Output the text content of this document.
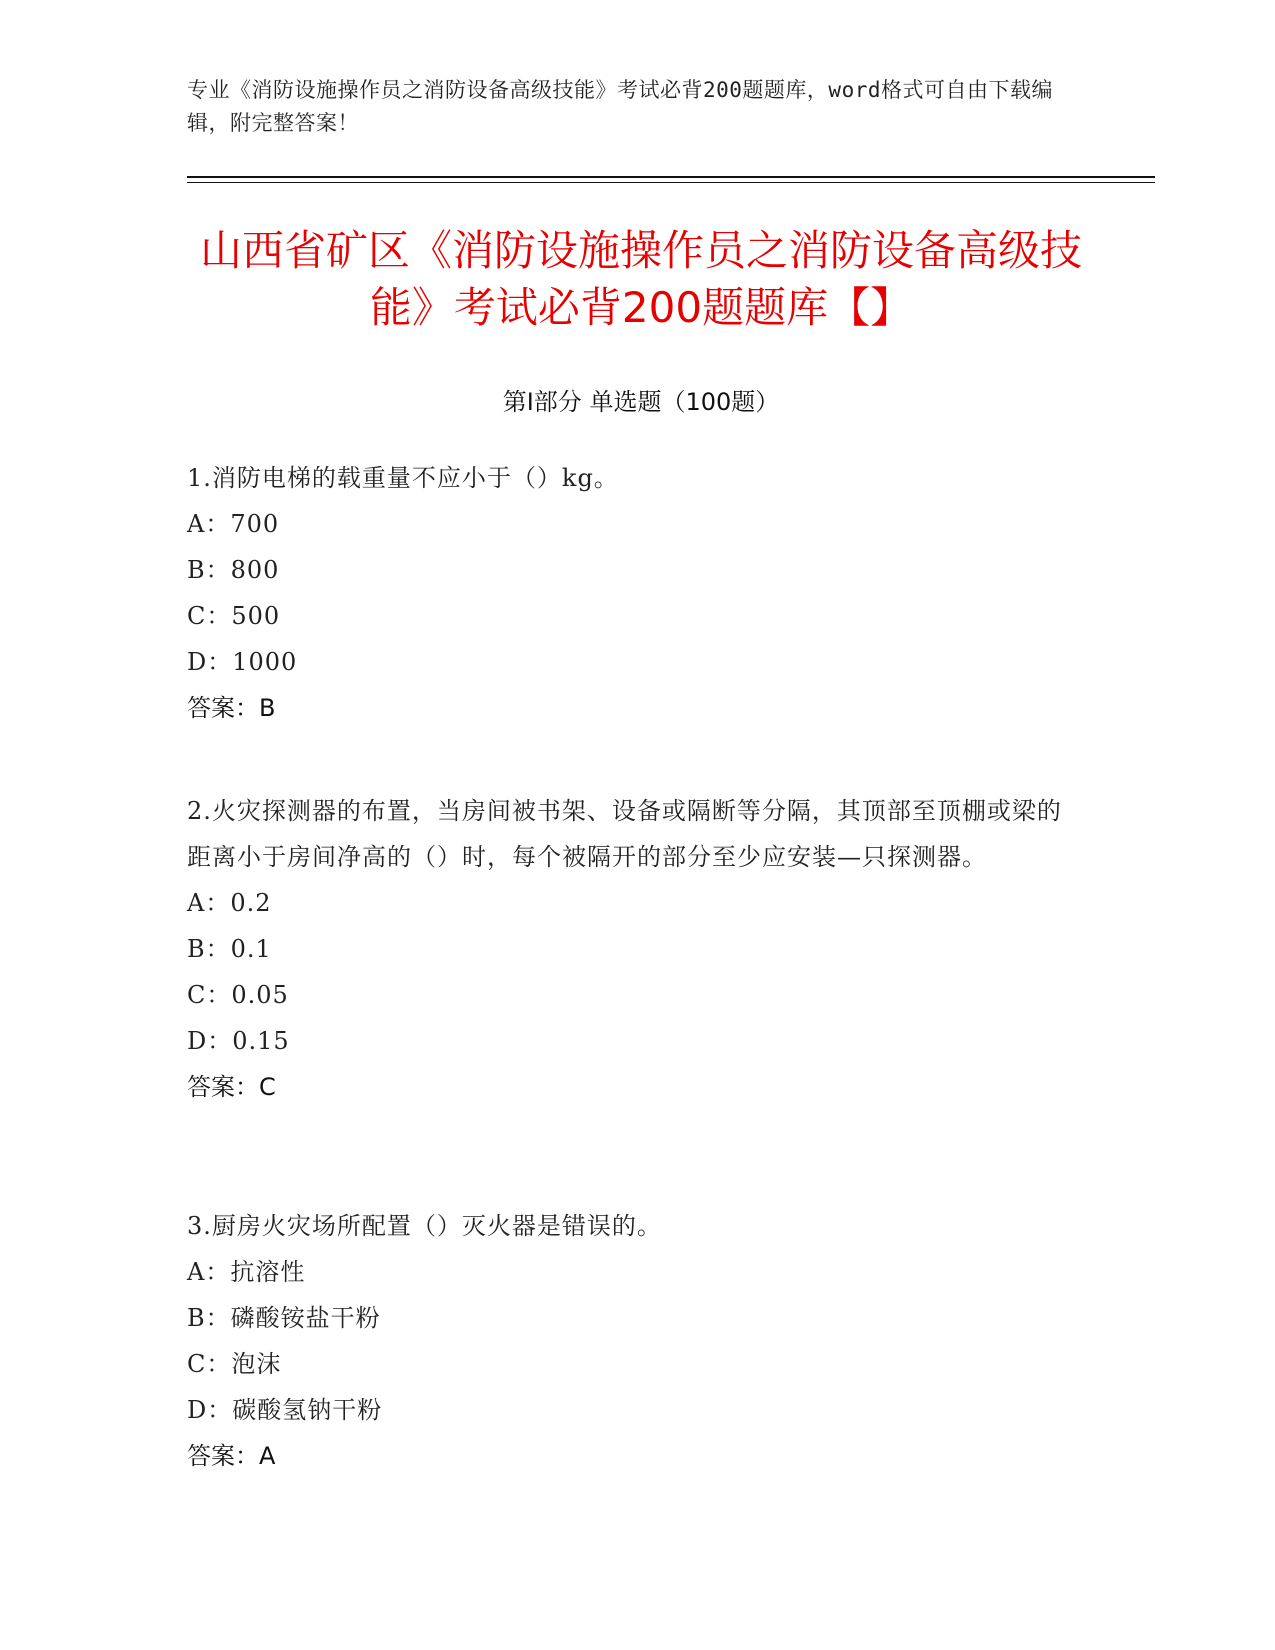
专业《消防设施操作员之消防设备高级技能》考试必背200题题库，word格式可自由下载编辑，附完整答案！
山西省矿区《消防设施操作员之消防设备高级技能》考试必背200题题库【】
第I部分 单选题（100题）
1.消防电梯的载重量不应小于（）kg。
A：700
B：800
C：500
D：1000
答案：B
2.火灾探测器的布置，当房间被书架、设备或隔断等分隔，其顶部至顶棚或梁的距离小于房间净高的（）时，每个被隔开的部分至少应安装—只探测器。
A：0.2
B：0.1
C：0.05
D：0.15
答案：C
3.厨房火灾场所配置（）灭火器是错误的。
A：抗溶性
B：磷酸铵盐干粉
C：泡沫
D：碳酸氢钠干粉
答案：A
